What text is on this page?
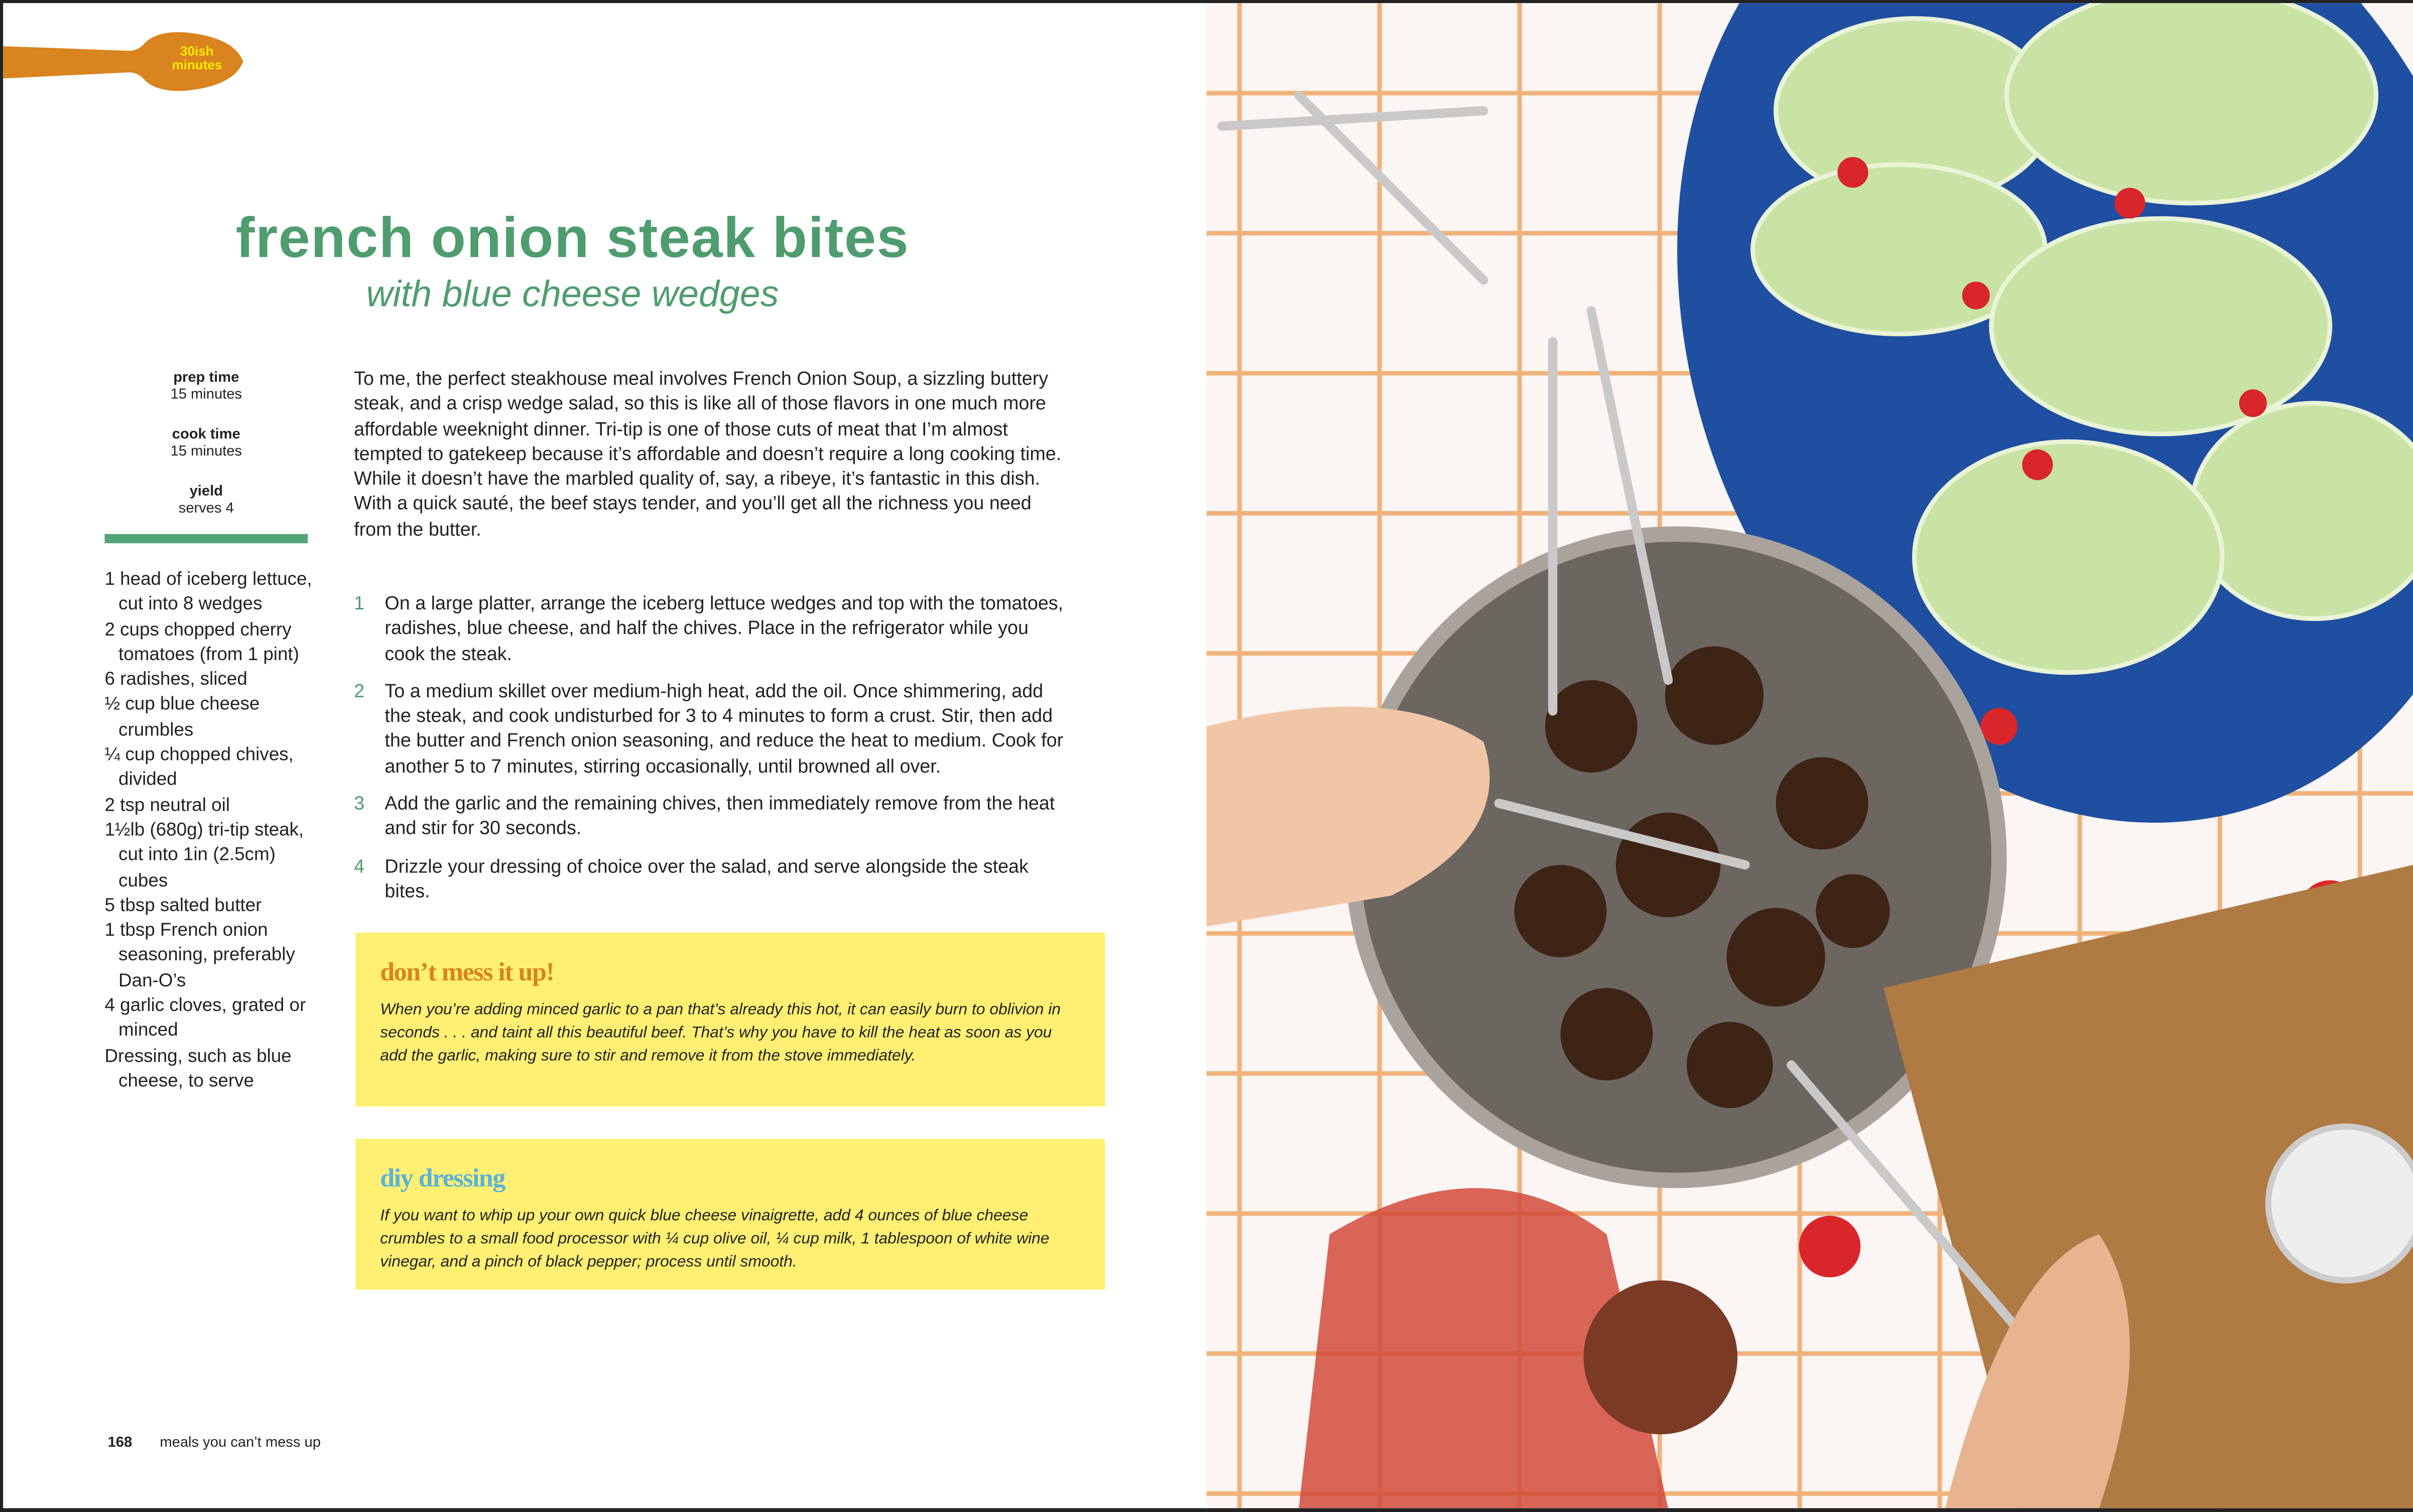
30ish
minutes
french onion steak bites
with blue cheese wedges
prep time
15 minutes
cook time
15 minutes
yield
serves 4
1 head of iceberg lettuce, cut into 8 wedges
2 cups chopped cherry tomatoes (from 1 pint)
6 radishes, sliced
½ cup blue cheese crumbles
¼ cup chopped chives, divided
2 tsp neutral oil
1½lb (680g) tri-tip steak, cut into 1in (2.5cm) cubes
5 tbsp salted butter
1 tbsp French onion seasoning, preferably Dan-O’s
4 garlic cloves, grated or minced
Dressing, such as blue cheese, to serve
To me, the perfect steakhouse meal involves French Onion Soup, a sizzling buttery steak, and a crisp wedge salad, so this is like all of those flavors in one much more affordable weeknight dinner. Tri-tip is one of those cuts of meat that I’m almost tempted to gatekeep because it’s affordable and doesn’t require a long cooking time. While it doesn’t have the marbled quality of, say, a ribeye, it’s fantastic in this dish. With a quick sauté, the beef stays tender, and you’ll get all the richness you need from the butter.
1	On a large platter, arrange the iceberg lettuce wedges and top with the tomatoes, radishes, blue cheese, and half the chives. Place in the refrigerator while you cook the steak.
2	To a medium skillet over medium-high heat, add the oil. Once shimmering, add the steak, and cook undisturbed for 3 to 4 minutes to form a crust. Stir, then add the butter and French onion seasoning, and reduce the heat to medium. Cook for another 5 to 7 minutes, stirring occasionally, until browned all over.
3	Add the garlic and the remaining chives, then immediately remove from the heat and stir for 30 seconds.
4	Drizzle your dressing of choice over the salad, and serve alongside the steak bites.
don’t mess it up!

When you’re adding minced garlic to a pan that’s already this hot, it can easily burn to oblivion in seconds . . . and taint all this beautiful beef. That’s why you have to kill the heat as soon as you add the garlic, making sure to stir and remove it from the stove immediately.

diy dressing

If you want to whip up your own quick blue cheese vinaigrette, add 4 ounces of blue cheese crumbles to a small food processor with ¼ cup olive oil, ¼ cup milk, 1 tablespoon of white wine vinegar, and a pinch of black pepper; process until smooth.

168	meals you can’t mess up
